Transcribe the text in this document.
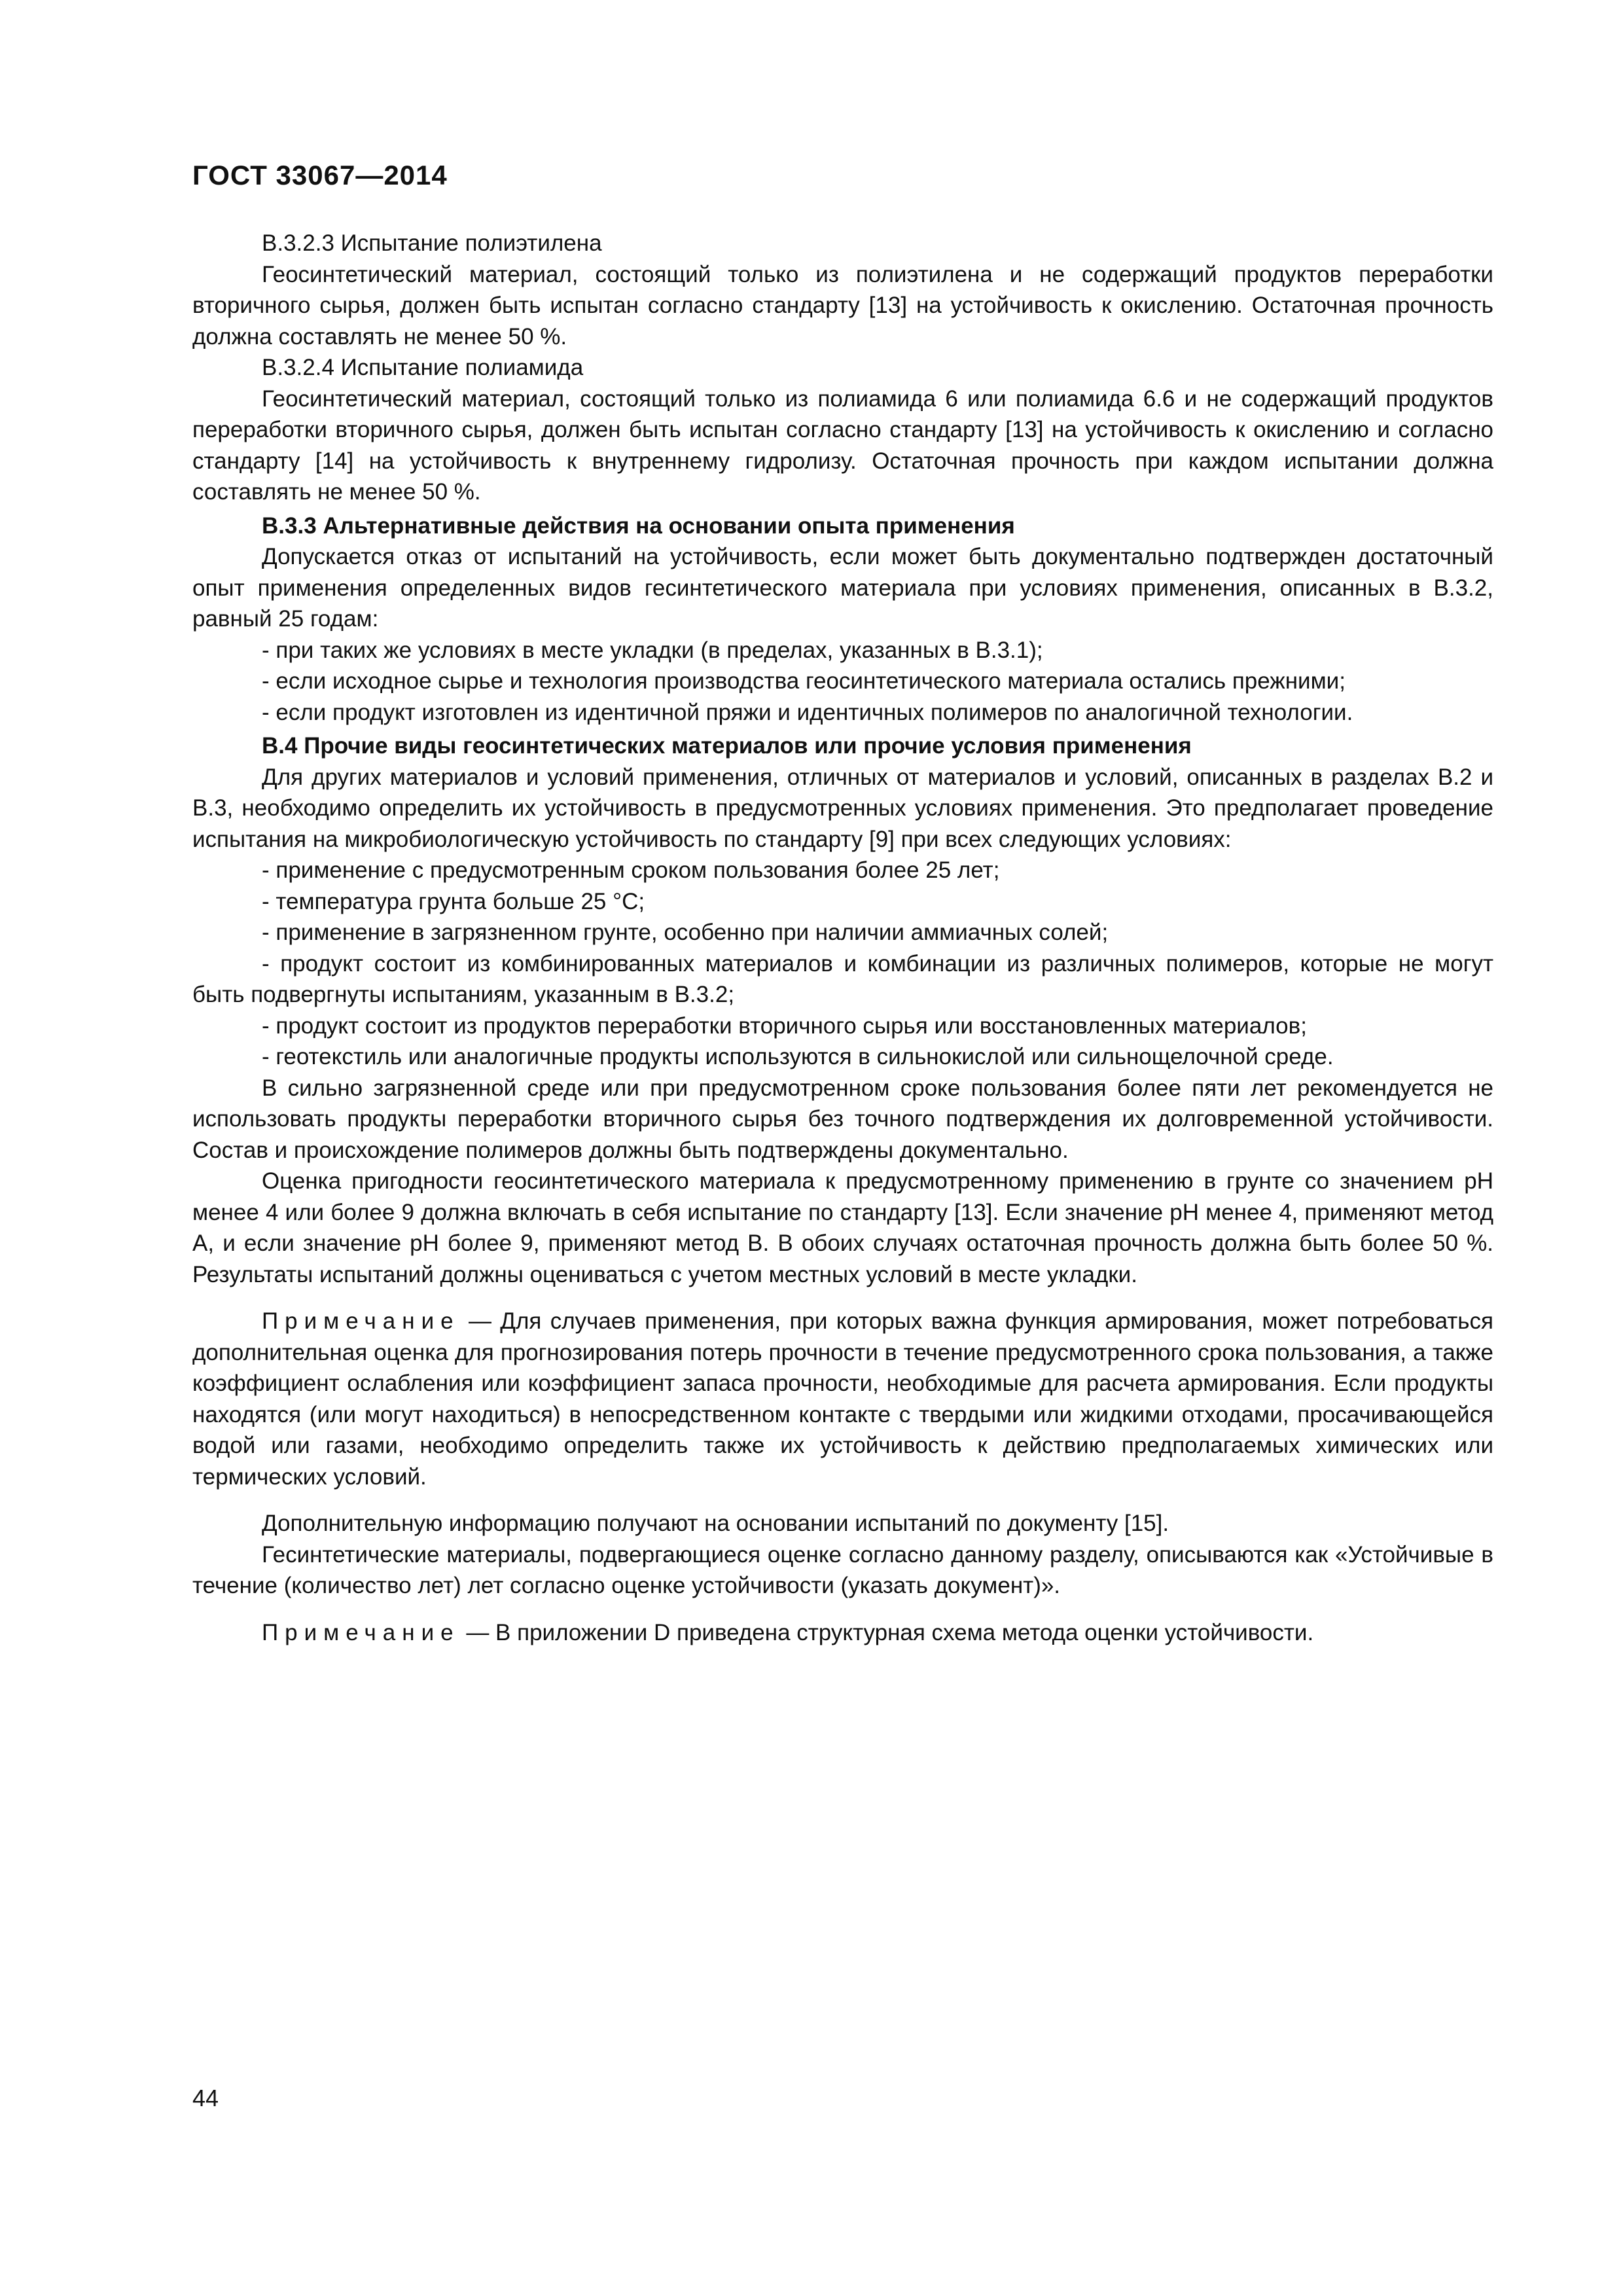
ГОСТ 33067—2014

В.3.2.3 Испытание полиэтилена

Геосинтетический материал, состоящий только из полиэтилена и не содержащий продуктов переработки вторичного сырья, должен быть испытан согласно стандарту [13] на устойчивость к окислению. Остаточная прочность должна составлять не менее 50 %.

В.3.2.4 Испытание полиамида

Геосинтетический материал, состоящий только из полиамида 6 или полиамида 6.6 и не содержащий продуктов переработки вторичного сырья, должен быть испытан согласно стандарту [13] на устойчивость к окислению и согласно стандарту [14] на устойчивость к внутреннему гидролизу. Остаточная прочность при каждом испытании должна составлять не менее 50 %.

В.3.3 Альтернативные действия на основании опыта применения

Допускается отказ от испытаний на устойчивость, если может быть документально подтвержден достаточный опыт применения определенных видов гесинтетического материала при условиях применения, описанных в В.3.2, равный 25 годам:

- при таких же условиях в месте укладки (в пределах, указанных в В.3.1);

- если исходное сырье и технология производства геосинтетического материала остались прежними;

- если продукт изготовлен из идентичной пряжи и идентичных полимеров по аналогичной технологии.

В.4 Прочие виды геосинтетических материалов или прочие условия применения

Для других материалов и условий применения, отличных от материалов и условий, описанных в разделах В.2 и В.3, необходимо определить их устойчивость в предусмотренных условиях применения. Это предполагает проведение испытания на микробиологическую устойчивость по стандарту [9] при всех следующих условиях:

- применение с предусмотренным сроком пользования более 25 лет;

- температура грунта больше 25 °С;

- применение в загрязненном грунте, особенно при наличии аммиачных солей;

- продукт состоит из комбинированных материалов и комбинации из различных полимеров, которые не могут быть подвергнуты испытаниям, указанным в В.3.2;

- продукт состоит из продуктов переработки вторичного сырья или восстановленных материалов;

- геотекстиль или аналогичные продукты используются в сильнокислой или сильнощелочной среде.

В сильно загрязненной среде или при предусмотренном сроке пользования более пяти лет рекомендуется не использовать продукты переработки вторичного сырья без точного подтверждения их долговременной устойчивости. Состав и происхождение полимеров должны быть подтверждены документально.

Оценка пригодности геосинтетического материала к предусмотренному применению в грунте со значением рН менее 4 или более 9 должна включать в себя испытание по стандарту [13]. Если значение рН менее 4, применяют метод А, и если значение рН более 9, применяют метод В. В обоих случаях остаточная прочность должна быть более 50 %. Результаты испытаний должны оцениваться с учетом местных условий в месте укладки.

Примечание — Для случаев применения, при которых важна функция армирования, может потребоваться дополнительная оценка для прогнозирования потерь прочности в течение предусмотренного срока пользования, а также коэффициент ослабления или коэффициент запаса прочности, необходимые для расчета армирования. Если продукты находятся (или могут находиться) в непосредственном контакте с твердыми или жидкими отходами, просачивающейся водой или газами, необходимо определить также их устойчивость к действию предполагаемых химических или термических условий.

Дополнительную информацию получают на основании испытаний по документу [15].

Гесинтетические материалы, подвергающиеся оценке согласно данному разделу, описываются как «Устойчивые в течение (количество лет) лет согласно оценке устойчивости (указать документ)».

Примечание — В приложении D приведена структурная схема метода оценки устойчивости.

44
